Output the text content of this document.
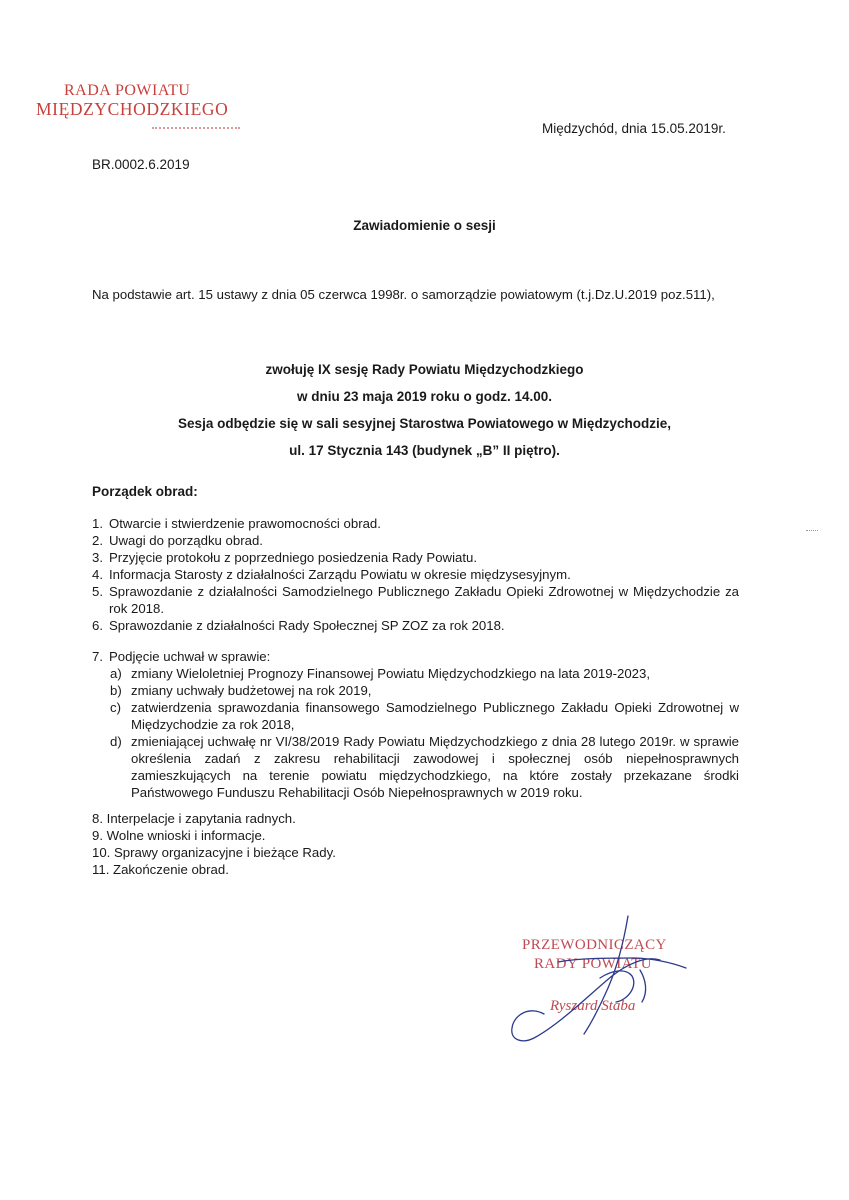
RADA POWIATU
MIĘDZYCHODZKIEGO
Międzychód, dnia 15.05.2019r.
BR.0002.6.2019
Zawiadomienie o sesji
Na podstawie art. 15 ustawy z dnia 05 czerwca 1998r. o samorządzie powiatowym (t.j.Dz.U.2019 poz.511),
zwołuję IX sesję Rady Powiatu Międzychodzkiego
w dniu 23 maja 2019 roku o godz. 14.00.
Sesja odbędzie się w sali sesyjnej Starostwa Powiatowego w Międzychodzie,
ul. 17 Stycznia 143 (budynek „B” II piętro).
Porządek obrad:
1. Otwarcie i stwierdzenie prawomocności obrad.
2. Uwagi do porządku obrad.
3. Przyjęcie protokołu z poprzedniego posiedzenia Rady Powiatu.
4. Informacja Starosty z działalności Zarządu Powiatu w okresie międzysesyjnym.
5. Sprawozdanie z działalności Samodzielnego Publicznego Zakładu Opieki Zdrowotnej w Międzychodzie za rok 2018.
6. Sprawozdanie z działalności Rady Społecznej SP ZOZ za rok 2018.
7. Podjęcie uchwał w sprawie:
a) zmiany Wieloletniej Prognozy Finansowej Powiatu Międzychodzkiego na lata 2019-2023,
b) zmiany uchwały budżetowej na rok 2019,
c) zatwierdzenia sprawozdania finansowego Samodzielnego Publicznego Zakładu Opieki Zdrowotnej w Międzychodzie za rok 2018,
d) zmieniającej uchwałę nr VI/38/2019 Rady Powiatu Międzychodzkiego z dnia 28 lutego 2019r. w sprawie określenia zadań z zakresu rehabilitacji zawodowej i społecznej osób niepełnosprawnych zamieszkujących na terenie powiatu międzychodzkiego, na które zostały przekazane środki Państwowego Funduszu Rehabilitacji Osób Niepełnosprawnych w 2019 roku.
8. Interpelacje i zapytania radnych.
9. Wolne wnioski i informacje.
10. Sprawy organizacyjne i bieżące Rady.
11. Zakończenie obrad.
PRZEWODNICZĄCY
RADY POWIATU
Ryszard Staba
